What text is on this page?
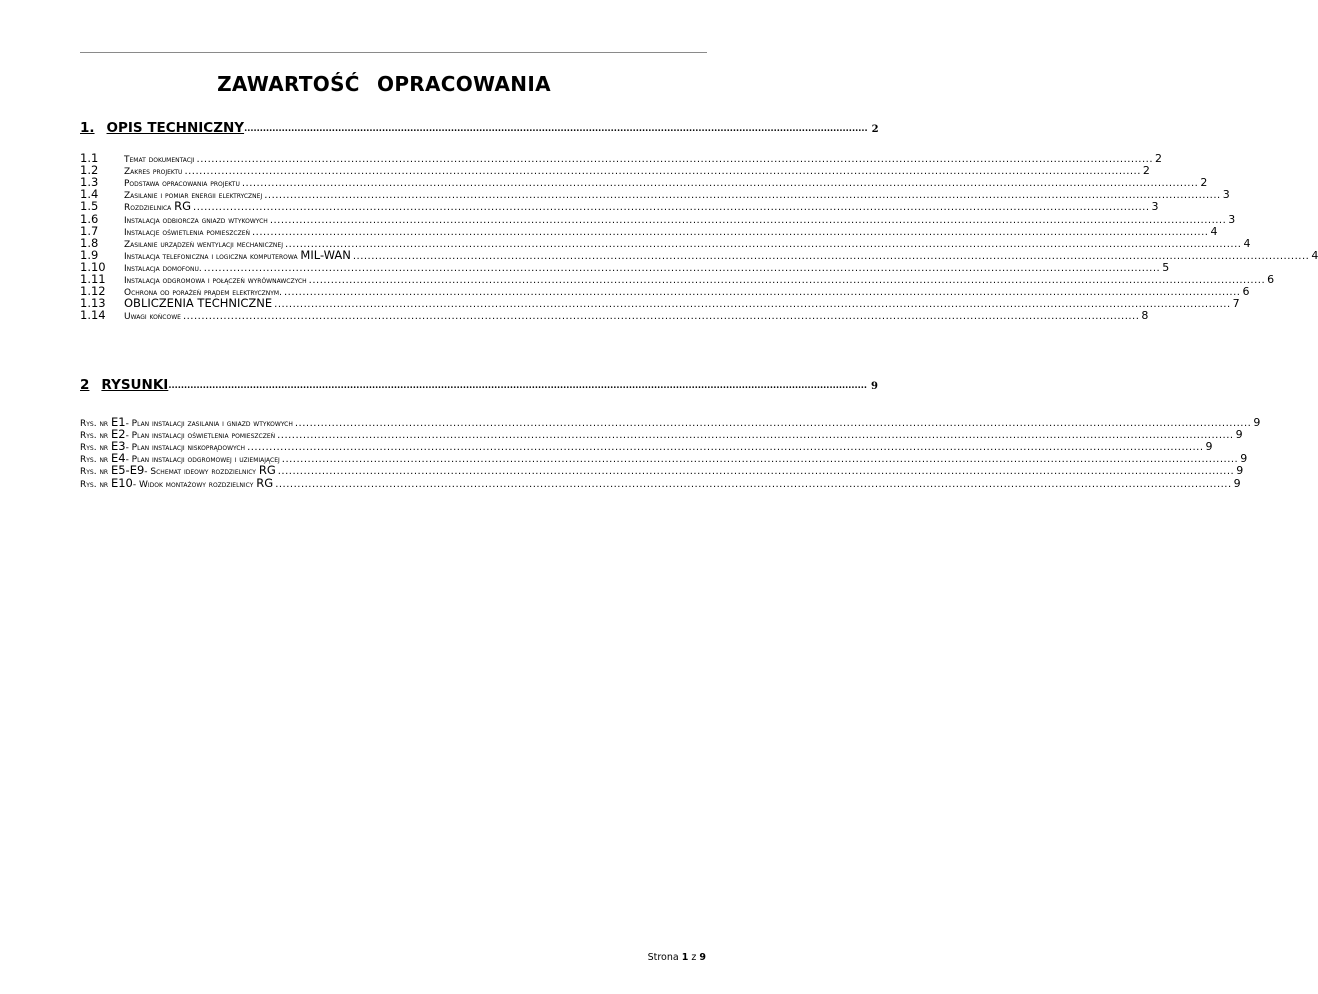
ZAWARTOŚĆ OPRACOWANIA
1. OPIS TECHNICZNY ....................................................................................................................................................................................................... 2
1.1	Temat dokumentacji .................................................................................................................................................................................................................................................................... 2
1.2	Zakres projektu .................................................................................................................................................................................................................................................................... 2
1.3	Podstawa opracowania projektu .................................................................................................................................................................................................................................................................... 2
1.4	Zasilanie i pomiar energii elektrycznej .................................................................................................................................................................................................................................................................... 3
1.5	Rozdzielnica RG .................................................................................................................................................................................................................................................................... 3
1.6	Instalacja odbiorcza gniazd wtykowych .................................................................................................................................................................................................................................................................... 3
1.7	Instalacje oświetlenia pomieszczeń .................................................................................................................................................................................................................................................................... 4
1.8	Zasilanie urządzeń wentylacji mechanicznej .................................................................................................................................................................................................................................................................... 4
1.9	Instalacja telefoniczna i logiczna komputerowa MIL-WAN .................................................................................................................................................................................................................................................................... 4
1.10	Instalacja domofonu. .................................................................................................................................................................................................................................................................... 5
1.11	Instalacja odgromowa i połączeń wyrównawczych .................................................................................................................................................................................................................................................................... 6
1.12	Ochrona od porażeń prądem elektrycznym. .................................................................................................................................................................................................................................................................... 6
1.13	OBLICZENIA TECHNICZNE .................................................................................................................................................................................................................................................................... 7
1.14	Uwagi końcowe .................................................................................................................................................................................................................................................................... 8
2 RYSUNKI ............................................................................................................................................................................................................................... 9
Rys. nr E1- Plan instalacji zasilania i gniazd wtykowych .................................................................................................................................................................................................................................................................... 9
Rys. nr E2- Plan instalacji oświetlenia pomieszczeń .................................................................................................................................................................................................................................................................... 9
Rys. nr E3- Plan instalacji niskoprądowych .................................................................................................................................................................................................................................................................... 9
Rys. nr E4- Plan instalacji odgromowej i uziemiającej .................................................................................................................................................................................................................................................................... 9
Rys. nr E5-E9- Schemat ideowy rozdzielnicy RG .................................................................................................................................................................................................................................................................... 9
Rys. nr E10- Widok montażowy rozdzielnicy RG .................................................................................................................................................................................................................................................................... 9
Strona 1 z 9
